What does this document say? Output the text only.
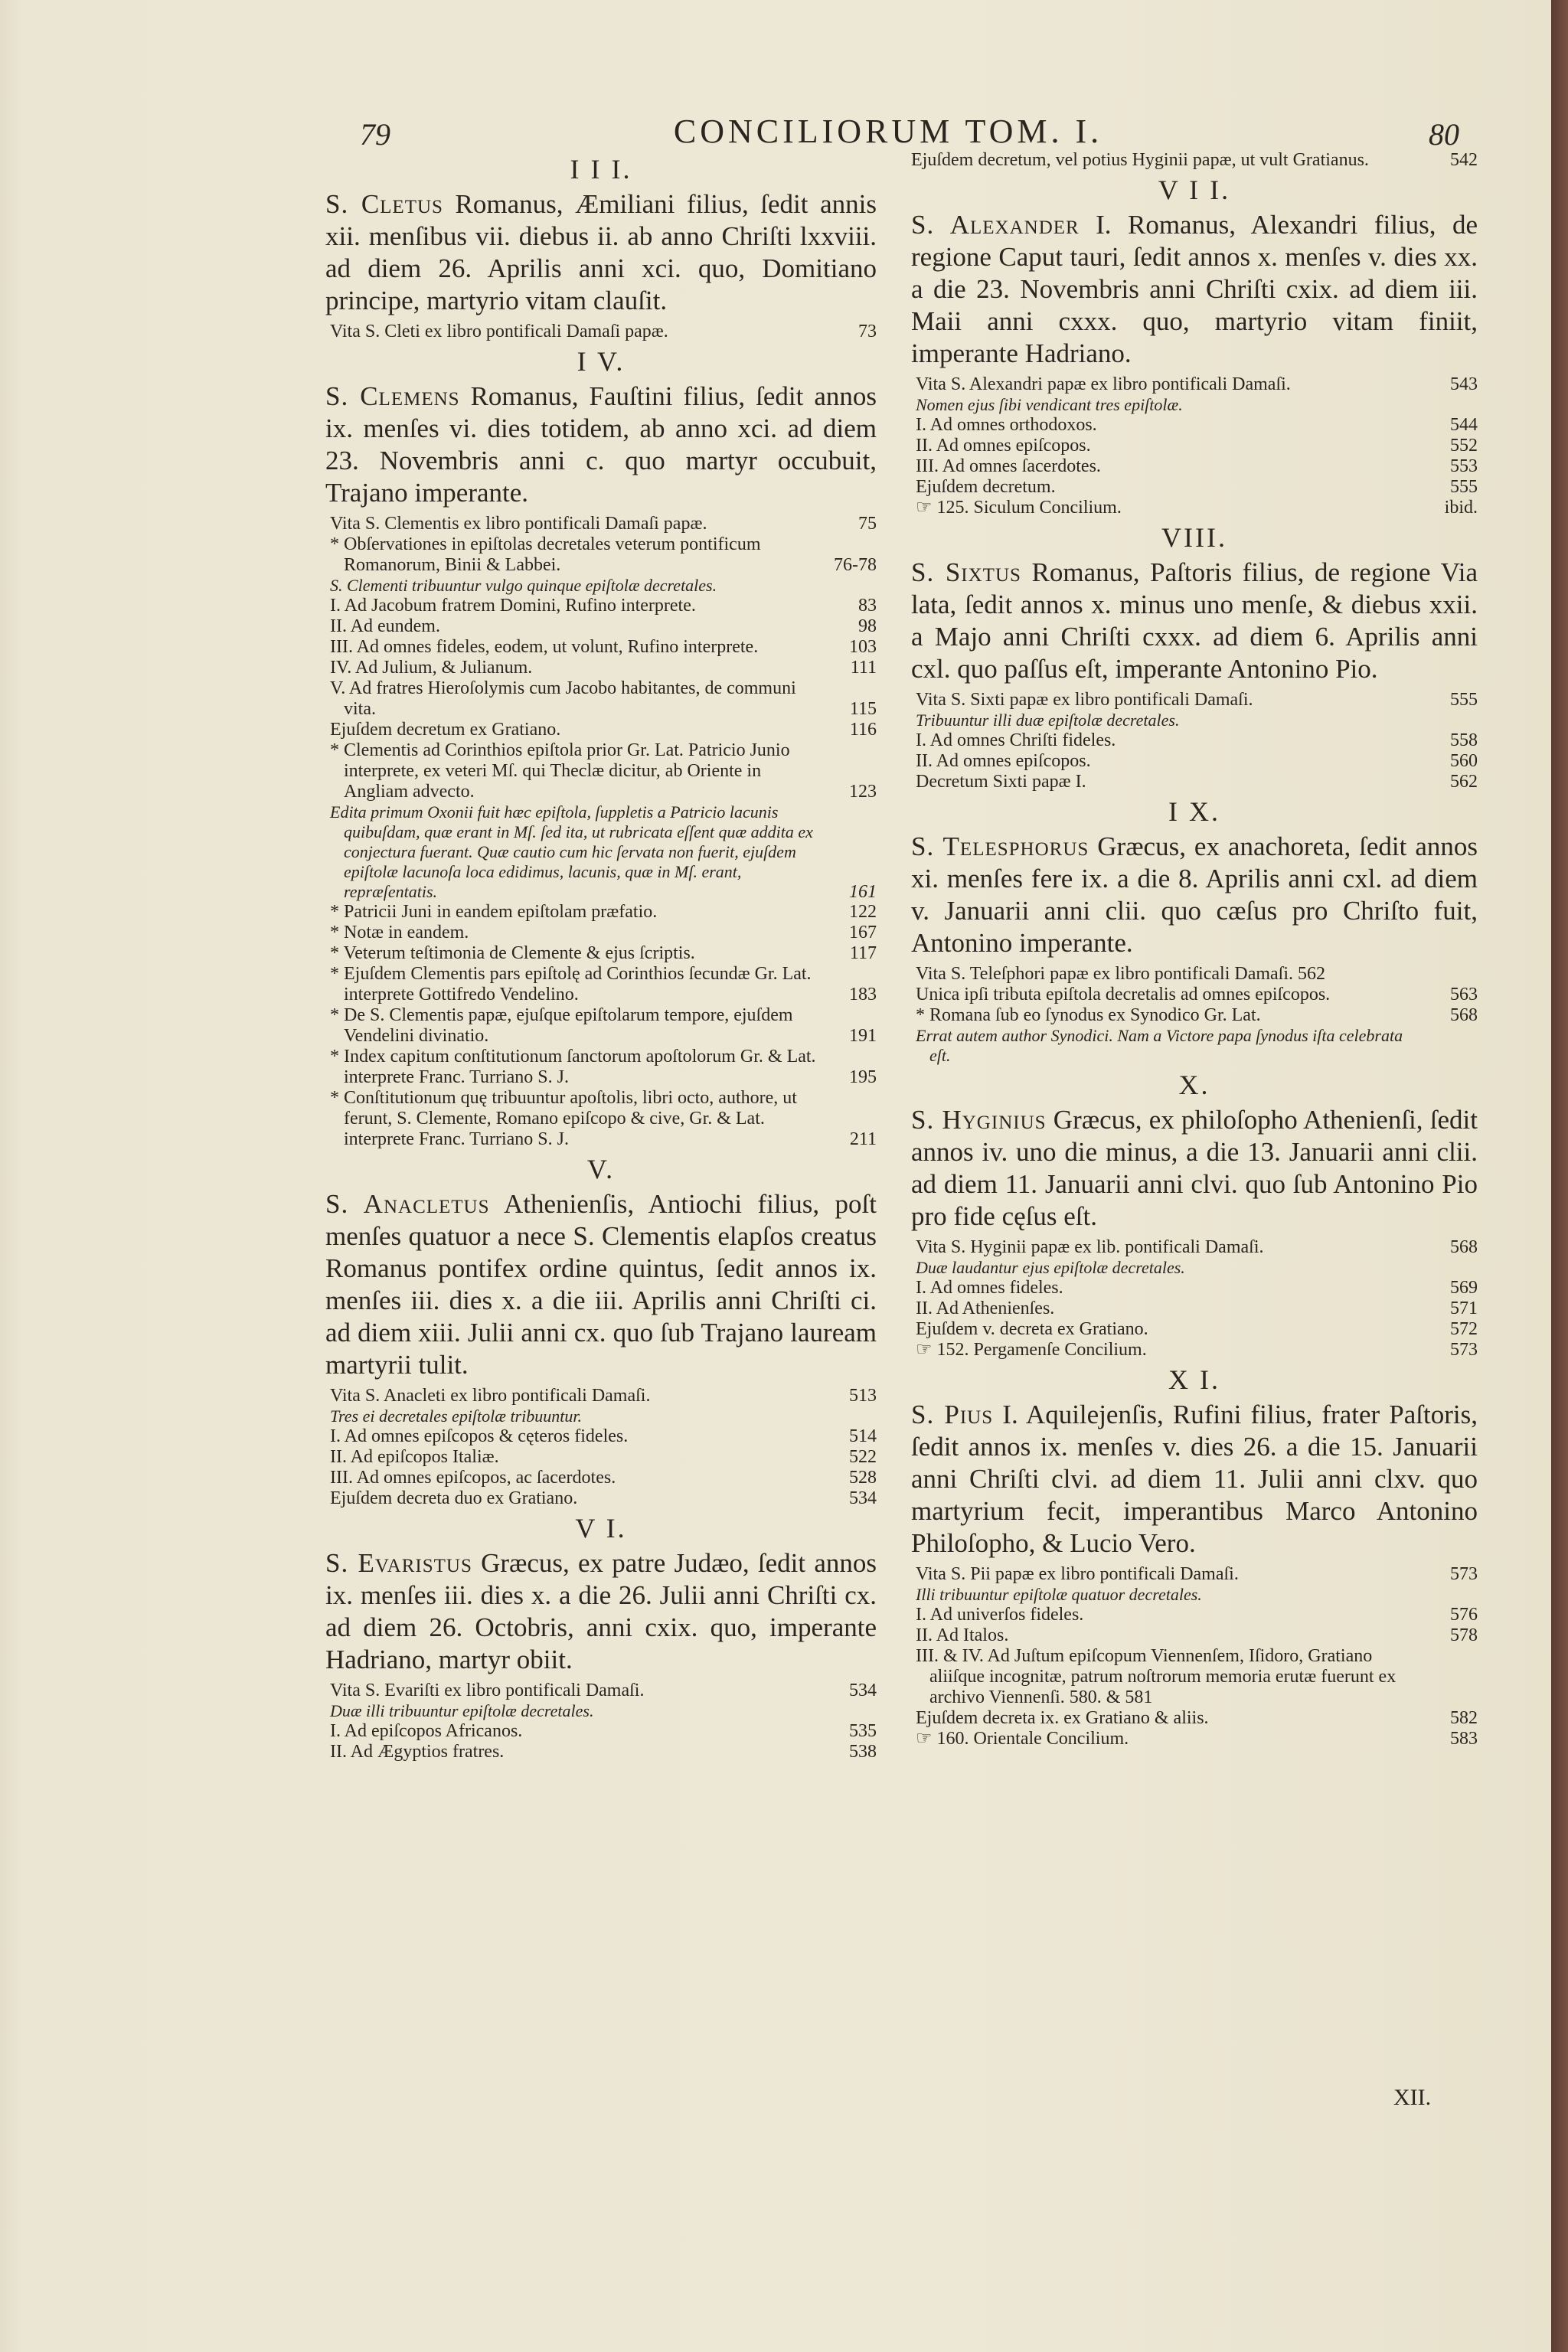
79	CONCILIORUM TOM. I.	80
I I I.
S. Cletus Romanus, Æmiliani filius, ſedit annis xii. menſibus vii. diebus ii. ab anno Chriſti lxxviii. ad diem 26. Aprilis anni xci. quo, Domitiano principe, martyrio vitam clauſit.
Vita S. Cleti ex libro pontificali Damaſi papæ.	73
I V.
S. Clemens Romanus, Fauſtini filius, ſedit annos ix. menſes vi. dies totidem, ab anno xci. ad diem 23. Novembris anni c. quo martyr occubuit, Trajano imperante.
Vita S. Clementis ex libro pontificali Damaſi papæ.	75
* Obſervationes in epiſtolas decretales veterum pontificum Romanorum, Binii & Labbei.	76-78
S. Clementi tribuuntur vulgo quinque epiſtolæ decretales.
I. Ad Jacobum fratrem Domini, Rufino interprete.	83
II. Ad eundem.	98
III. Ad omnes fideles, eodem, ut volunt, Rufino interprete.	103
IV. Ad Julium, & Julianum.	111
V. Ad fratres Hieroſolymis cum Jacobo habitantes, de communi vita.	115
Ejuſdem decretum ex Gratiano.	116
* Clementis ad Corinthios epiſtola prior Gr. Lat. Patricio Junio interprete, ex veteri Mſ. qui Theclæ dicitur, ab Oriente in Angliam advecto.	123
Edita primum Oxonii fuit hæc epiſtola, ſuppletis a Patricio lacunis quibuſdam, quæ erant in Mſ. ſed ita, ut rubricata eſſent quæ addita ex conjectura fuerant. Quæ cautio cum hic ſervata non fuerit, ejuſdem epiſtolæ lacunoſa loca edidimus, lacunis, quæ in Mſ. erant, repræſentatis.	161
* Patricii Juni in eandem epiſtolam præfatio.	122
* Notæ in eandem.	167
* Veterum teſtimonia de Clemente & ejus ſcriptis.	117
* Ejuſdem Clementis pars epiſtolę ad Corinthios ſecundæ Gr. Lat. interprete Gottifredo Vendelino.	183
* De S. Clementis papæ, ejuſque epiſtolarum tempore, ejuſdem Vendelini divinatio.	191
* Index capitum conſtitutionum ſanctorum apoſtolorum Gr. & Lat. interprete Franc. Turriano S. J.	195
* Conſtitutionum quę tribuuntur apoſtolis, libri octo, authore, ut ferunt, S. Clemente, Romano epiſcopo & cive, Gr. & Lat. interprete Franc. Turriano S. J.	211
V.
S. Anacletus Athenienſis, Antiochi filius, poſt menſes quatuor a nece S. Clementis elapſos creatus Romanus pontifex ordine quintus, ſedit annos ix. menſes iii. dies x. a die iii. Aprilis anni Chriſti ci. ad diem xiii. Julii anni cx. quo ſub Trajano lauream martyrii tulit.
Vita S. Anacleti ex libro pontificali Damaſi.	513
Tres ei decretales epiſtolæ tribuuntur.
I. Ad omnes epiſcopos & cęteros fideles.	514
II. Ad epiſcopos Italiæ.	522
III. Ad omnes epiſcopos, ac ſacerdotes.	528
Ejuſdem decreta duo ex Gratiano.	534
V I.
S. Evaristus Græcus, ex patre Judæo, ſedit annos ix. menſes iii. dies x. a die 26. Julii anni Chriſti cx. ad diem 26. Octobris, anni cxix. quo, imperante Hadriano, martyr obiit.
Vita S. Evariſti ex libro pontificali Damaſi.	534
Duæ illi tribuuntur epiſtolæ decretales.
I. Ad epiſcopos Africanos.	535
II. Ad Ægyptios fratres.	538
Ejuſdem decretum, vel potius Hyginii papæ, ut vult Gratianus.	542
V I I.
S. Alexander I. Romanus, Alexandri filius, de regione Caput tauri, ſedit annos x. menſes v. dies xx. a die 23. Novembris anni Chriſti cxix. ad diem iii. Maii anni cxxx. quo, martyrio vitam finiit, imperante Hadriano.
Vita S. Alexandri papæ ex libro pontificali Damaſi.	543
Nomen ejus ſibi vendicant tres epiſtolæ.
I. Ad omnes orthodoxos.	544
II. Ad omnes epiſcopos.	552
III. Ad omnes ſacerdotes.	553
Ejuſdem decretum.	555
☞ 125. Siculum Concilium.	ibid.
VIII.
S. Sixtus Romanus, Paſtoris filius, de regione Via lata, ſedit annos x. minus uno menſe, & diebus xxii. a Majo anni Chriſti cxxx. ad diem 6. Aprilis anni cxl. quo paſſus eſt, imperante Antonino Pio.
Vita S. Sixti papæ ex libro pontificali Damaſi.	555
Tribuuntur illi duæ epiſtolæ decretales.
I. Ad omnes Chriſti fideles.	558
II. Ad omnes epiſcopos.	560
Decretum Sixti papæ I.	562
I X.
S. Telesphorus Græcus, ex anachoreta, ſedit annos xi. menſes fere ix. a die 8. Aprilis anni cxl. ad diem v. Januarii anni clii. quo cæſus pro Chriſto fuit, Antonino imperante.
Vita S. Teleſphori papæ ex libro pontificali Damaſi. 562
Unica ipſi tributa epiſtola decretalis ad omnes epiſcopos.	563
* Romana ſub eo ſynodus ex Synodico Gr. Lat.	568
Errat autem author Synodici. Nam a Victore papa ſynodus iſta celebrata eſt.
X.
S. Hyginius Græcus, ex philoſopho Athenienſi, ſedit annos iv. uno die minus, a die 13. Januarii anni clii. ad diem 11. Januarii anni clvi. quo ſub Antonino Pio pro fide cęſus eſt.
Vita S. Hyginii papæ ex lib. pontificali Damaſi.	568
Duæ laudantur ejus epiſtolæ decretales.
I. Ad omnes fideles.	569
II. Ad Athenienſes.	571
Ejuſdem v. decreta ex Gratiano.	572
☞ 152. Pergamenſe Concilium.	573
X I.
S. Pius I. Aquilejenſis, Rufini filius, frater Paſtoris, ſedit annos ix. menſes v. dies 26. a die 15. Januarii anni Chriſti clvi. ad diem 11. Julii anni clxv. quo martyrium fecit, imperantibus Marco Antonino Philoſopho, & Lucio Vero.
Vita S. Pii papæ ex libro pontificali Damaſi.	573
Illi tribuuntur epiſtolæ quatuor decretales.
I. Ad univerſos fideles.	576
II. Ad Italos.	578
III. & IV. Ad Juſtum epiſcopum Viennenſem, Iſidoro, Gratiano aliiſque incognitæ, patrum noſtrorum memoria erutæ fuerunt ex archivo Viennenſi. 580. & 581
Ejuſdem decreta ix. ex Gratiano & aliis.	582
☞ 160. Orientale Concilium.	583
XII.
